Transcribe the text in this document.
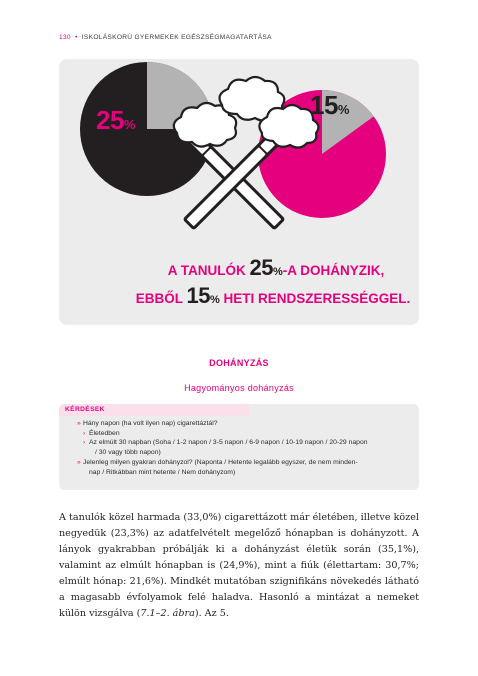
130 • ISKOLÁSKORÚ GYERMEKEK EGÉSZSÉGMAGATARTÁSA
25%
15%
A TANULÓK 25%-A DOHÁNYZIK,
EBBŐL 15% HETI RENDSZERESSÉGGEL.
DOHÁNYZÁS
Hagyományos dohányzás
KÉRDÉSEK
» Hány napon (ha volt ilyen nap) cigarettáztál?
› Életedben
› Az elmúlt 30 napban (Soha / 1-2 napon / 3-5 napon / 6-9 napon / 10-19 napon / 20-29 napon
/ 30 vagy több napon)
» Jelenleg milyen gyakran dohányzol? (Naponta / Hetente legalább egyszer, de nem minden-
nap / Ritkábban mint hetente / Nem dohányzom)
A tanulók közel harmada (33,0%) cigarettázott már életében, illetve közel negyedük (23,3%) az adatfelvételt megelőző hónapban is dohányzott. A lányok gyakrabban próbálják ki a dohányzást életük során (35,1%), valamint az elmúlt hónapban is (24,9%), mint a fiúk (élettartam: 30,7%; elmúlt hónap: 21,6%). Mindkét mutatóban szignifikáns növekedés látható a magasabb évfolyamok felé haladva. Hasonló a mintázat a nemeket külön vizsgálva (7.1–2. ábra). Az 5.
